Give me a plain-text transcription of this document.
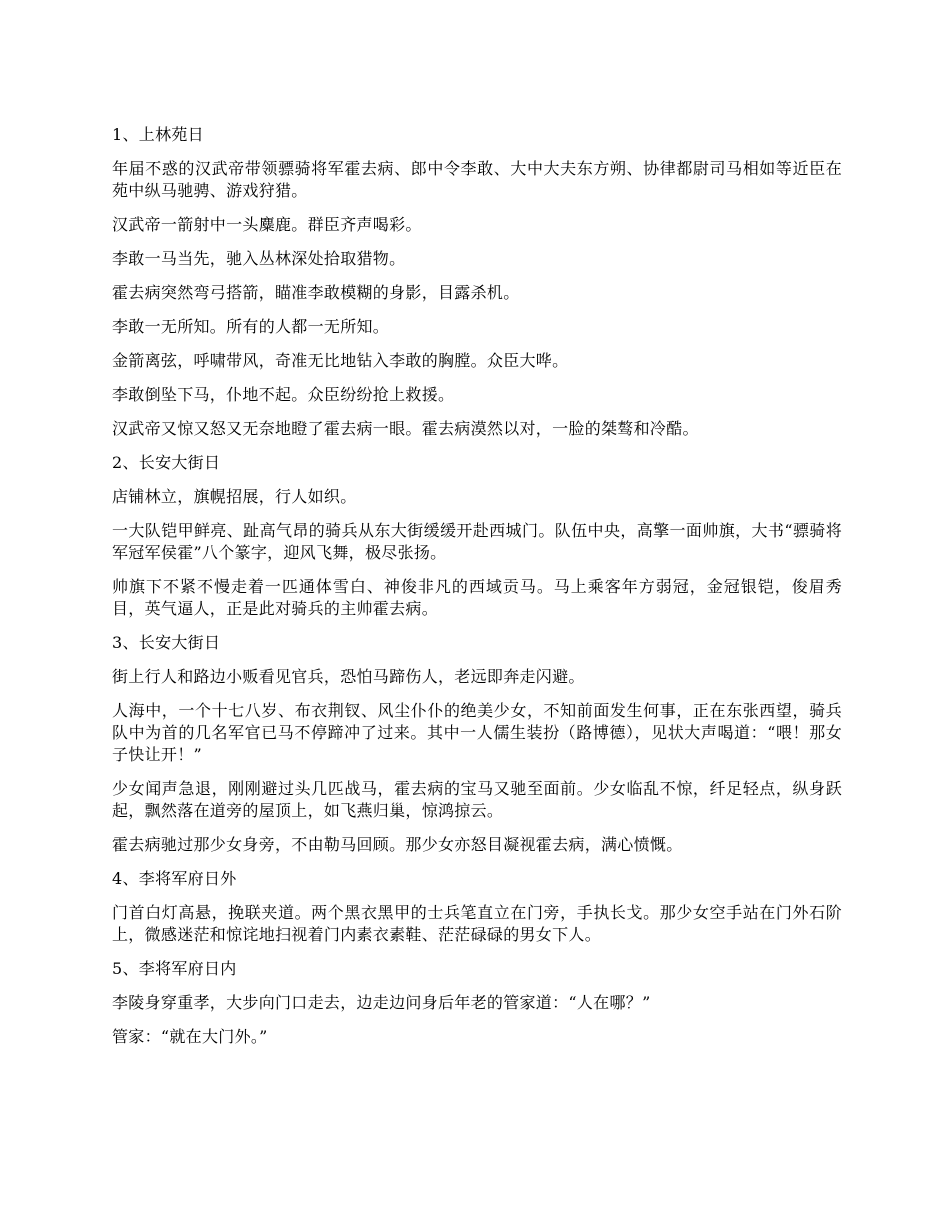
1、上林苑日

年届不惑的汉武帝带领骠骑将军霍去病、郎中令李敢、大中大夫东方朔、协律都尉司马相如等近臣在苑中纵马驰骋、游戏狩猎。

汉武帝一箭射中一头麋鹿。群臣齐声喝彩。

李敢一马当先，驰入丛林深处拾取猎物。

霍去病突然弯弓搭箭，瞄准李敢模糊的身影，目露杀机。

李敢一无所知。所有的人都一无所知。

金箭离弦，呼啸带风，奇准无比地钻入李敢的胸膛。众臣大哗。

李敢倒坠下马，仆地不起。众臣纷纷抢上救援。

汉武帝又惊又怒又无奈地瞪了霍去病一眼。霍去病漠然以对，一脸的桀骜和冷酷。

2、长安大街日

店铺林立，旗幌招展，行人如织。

一大队铠甲鲜亮、趾高气昂的骑兵从东大街缓缓开赴西城门。队伍中央，高擎一面帅旗，大书“骠骑将军冠军侯霍”八个篆字，迎风飞舞，极尽张扬。

帅旗下不紧不慢走着一匹通体雪白、神俊非凡的西域贡马。马上乘客年方弱冠，金冠银铠，俊眉秀目，英气逼人，正是此对骑兵的主帅霍去病。

3、长安大街日

街上行人和路边小贩看见官兵，恐怕马蹄伤人，老远即奔走闪避。

人海中，一个十七八岁、布衣荆钗、风尘仆仆的绝美少女，不知前面发生何事，正在东张西望，骑兵队中为首的几名军官已马不停蹄冲了过来。其中一人儒生装扮（路博德），见状大声喝道：“喂！那女子快让开！”

少女闻声急退，刚刚避过头几匹战马，霍去病的宝马又驰至面前。少女临乱不惊，纤足轻点，纵身跃起，飘然落在道旁的屋顶上，如飞燕归巢，惊鸿掠云。

霍去病驰过那少女身旁，不由勒马回顾。那少女亦怒目凝视霍去病，满心愤慨。

4、李将军府日外

门首白灯高悬，挽联夹道。两个黑衣黑甲的士兵笔直立在门旁，手执长戈。那少女空手站在门外石阶上，微感迷茫和惊诧地扫视着门内素衣素鞋、茫茫碌碌的男女下人。

5、李将军府日内

李陵身穿重孝，大步向门口走去，边走边问身后年老的管家道：“人在哪？”

管家：“就在大门外。”
